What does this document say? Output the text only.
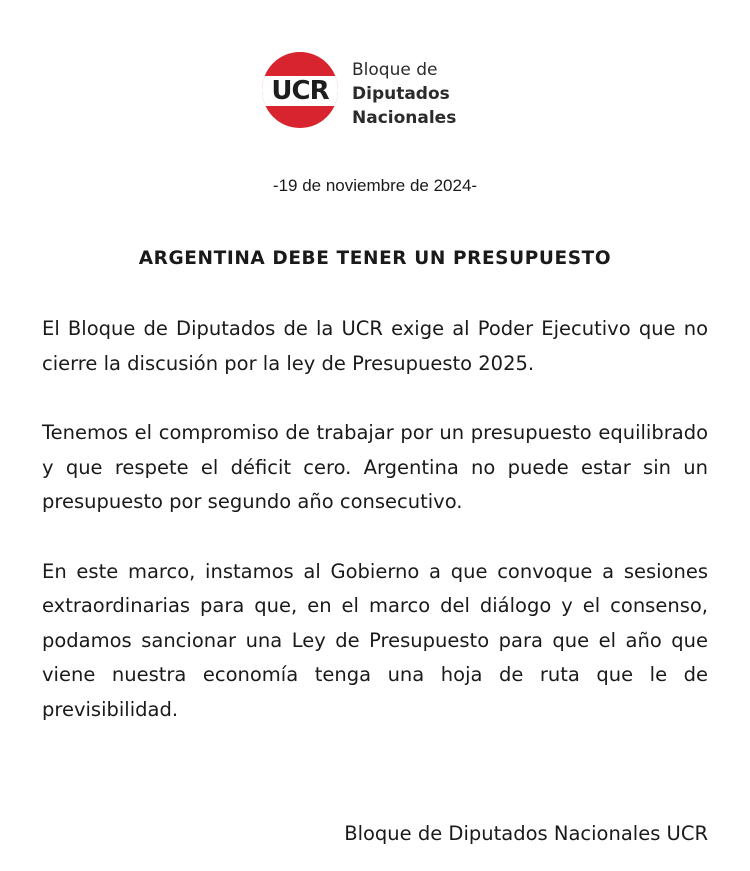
UCR
Bloque de
Diputados
Nacionales
-19 de noviembre de 2024-
ARGENTINA DEBE TENER UN PRESUPUESTO

El Bloque de Diputados de la UCR exige al Poder Ejecutivo que no cierre la discusión por la ley de Presupuesto 2025.

Tenemos el compromiso de trabajar por un presupuesto equilibrado y que respete el déficit cero. Argentina no puede estar sin un presupuesto por segundo año consecutivo.

En este marco, instamos al Gobierno a que convoque a sesiones extraordinarias para que, en el marco del diálogo y el consenso, podamos sancionar una Ley de Presupuesto para que el año que viene nuestra economía tenga una hoja de ruta que le de previsibilidad.

Bloque de Diputados Nacionales UCR
